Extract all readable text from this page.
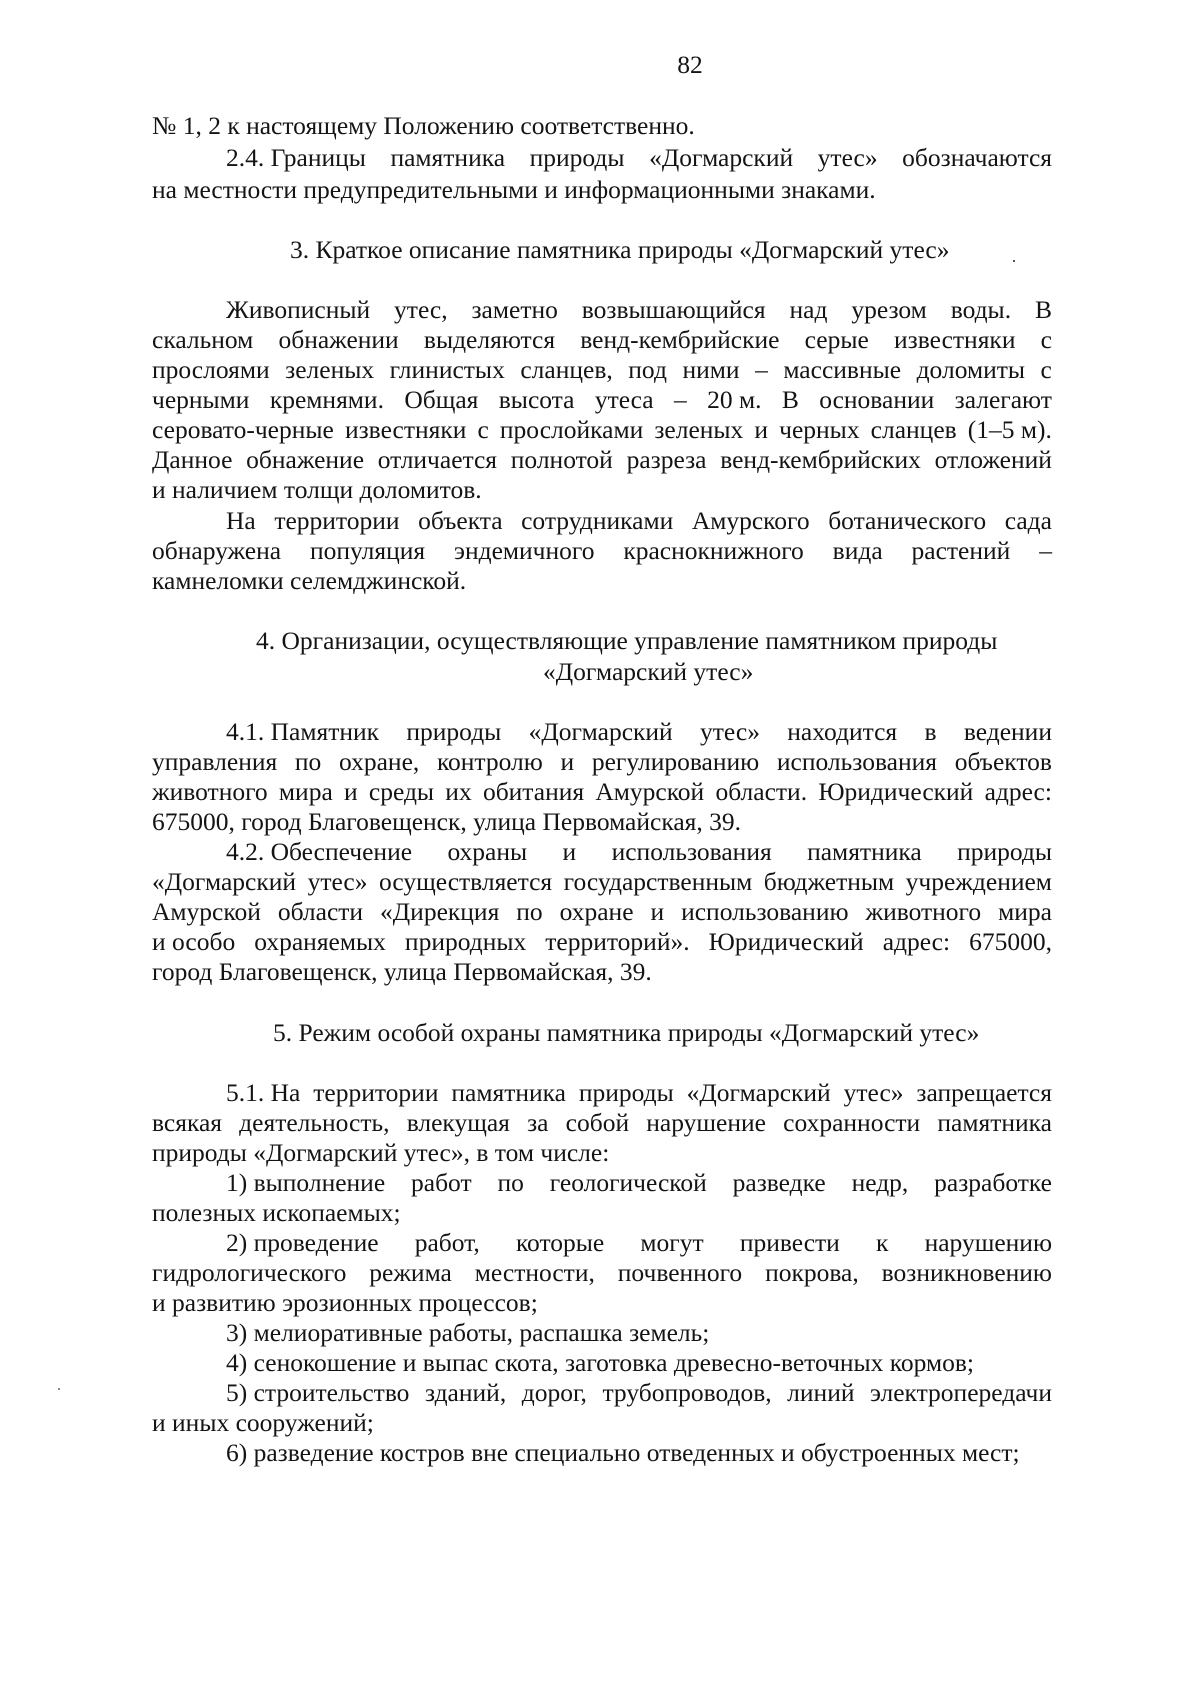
82
№ 1, 2 к настоящему Положению соответственно.
2.4. Границы памятника природы «Догмарский утес» обозначаются
на местности предупредительными и информационными знаками.
3. Краткое описание памятника природы «Догмарский утес»
Живописный утес, заметно возвышающийся над урезом воды. В
скальном обнажении выделяются венд-кембрийские серые известняки с
прослоями зеленых глинистых сланцев, под ними – массивные доломиты с
черными кремнями. Общая высота утеса – 20 м. В основании залегают
серовато-черные известняки с прослойками зеленых и черных сланцев (1–5 м).
Данное обнажение отличается полнотой разреза венд-кембрийских отложений
и наличием толщи доломитов.
На территории объекта сотрудниками Амурского ботанического сада
обнаружена популяция эндемичного краснокнижного вида растений –
камнеломки селемджинской.
4. Организации, осуществляющие управление памятником природы
«Догмарский утес»
4.1. Памятник природы «Догмарский утес» находится в ведении
управления по охране, контролю и регулированию использования объектов
животного мира и среды их обитания Амурской области. Юридический адрес:
675000, город Благовещенск, улица Первомайская, 39.
4.2. Обеспечение охраны и использования памятника природы
«Догмарский утес» осуществляется государственным бюджетным учреждением
Амурской области «Дирекция по охране и использованию животного мира
и особо охраняемых природных территорий». Юридический адрес: 675000,
город Благовещенск, улица Первомайская, 39.
5. Режим особой охраны памятника природы «Догмарский утес»
5.1. На территории памятника природы «Догмарский утес» запрещается
всякая деятельность, влекущая за собой нарушение сохранности памятника
природы «Догмарский утес», в том числе:
1) выполнение работ по геологической разведке недр, разработке
полезных ископаемых;
2) проведение работ, которые могут привести к нарушению
гидрологического режима местности, почвенного покрова, возникновению
и развитию эрозионных процессов;
3) мелиоративные работы, распашка земель;
4) сенокошение и выпас скота, заготовка древесно-веточных кормов;
5) строительство зданий, дорог, трубопроводов, линий электропередачи
и иных сооружений;
6) разведение костров вне специально отведенных и обустроенных мест;
